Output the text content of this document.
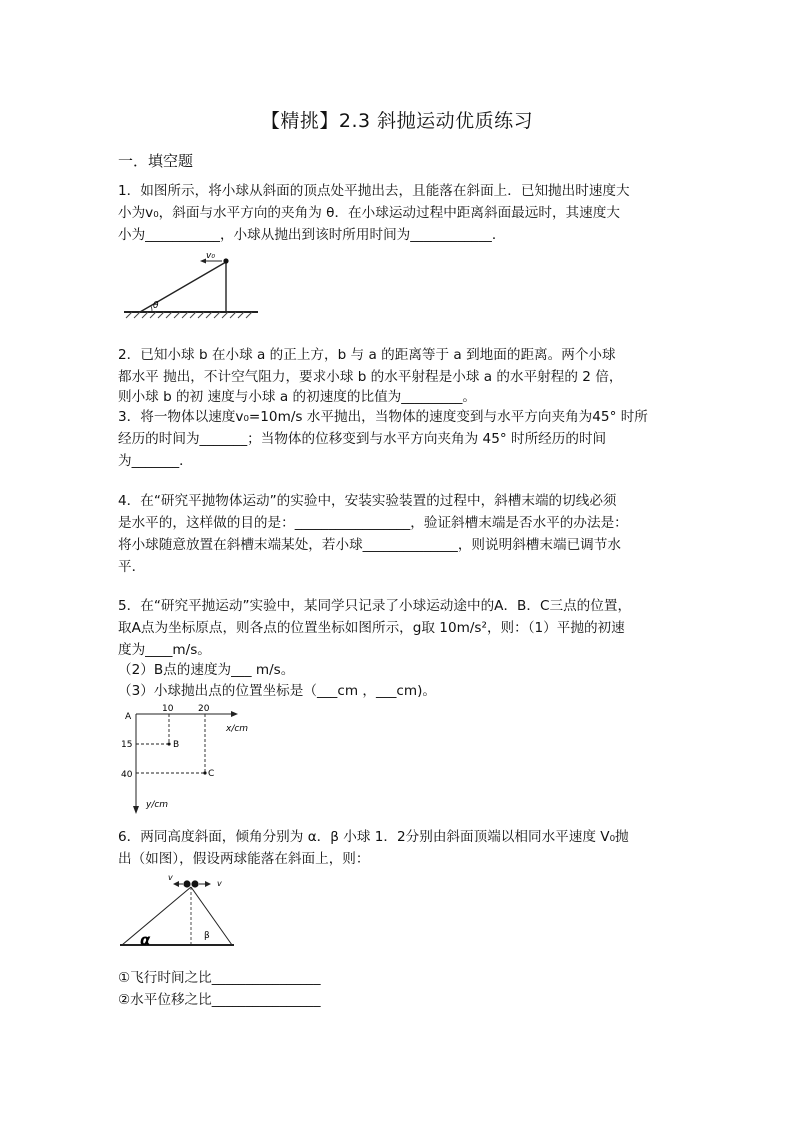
【精挑】2.3 斜抛运动优质练习
一．填空题
1．如图所示，将小球从斜面的顶点处平抛出去，且能落在斜面上．已知抛出时速度大
小为v₀，斜面与水平方向的夹角为 θ．在小球运动过程中距离斜面最远时，其速度大
小为___________，小球从抛出到该时所用时间为____________．
v₀
θ
2．已知小球 b 在小球 a 的正上方，b 与 a 的距离等于 a 到地面的距离。两个小球
都水平 抛出，不计空气阻力，要求小球 b 的水平射程是小球 a 的水平射程的 2 倍，
则小球 b 的初 速度与小球 a 的初速度的比值为_________。
3．将一物体以速度v₀=10m/s 水平抛出，当物体的速度变到与水平方向夹角为45° 时所
经历的时间为_______；当物体的位移变到与水平方向夹角为 45° 时所经历的时间
为_______．
4．在“研究平抛物体运动”的实验中，安装实验装置的过程中，斜槽末端的切线必须
是水平的，这样做的目的是：_________________，验证斜槽末端是否水平的办法是：
将小球随意放置在斜槽末端某处，若小球______________，则说明斜槽末端已调节水
平．
5．在“研究平抛运动”实验中，某同学只记录了小球运动途中的A．B．C三点的位置，
取A点为坐标原点，则各点的位置坐标如图所示，g取 10m/s²，则：（1）平抛的初速
度为____m/s。
（2）B点的速度为___ m/s。
（3）小球抛出点的位置坐标是（___cm ，___cm)。
A
10	20
x/cm
15
40
y/cm
B
C
6．两同高度斜面，倾角分别为 α．β 小球 1．2分别由斜面顶端以相同水平速度 V₀抛
出（如图），假设两球能落在斜面上，则：
v
v
α	β
①飞行时间之比________________
②水平位移之比________________
